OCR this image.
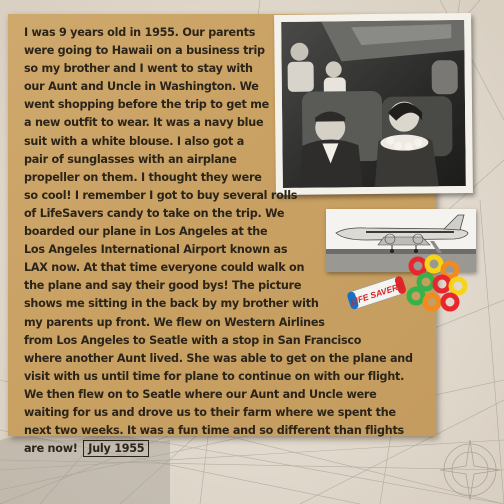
LIFE SAVERS
I was 9 years old in 1955. Our parents
were going to Hawaii on a business trip
so my brother and I went to stay with
our Aunt and Uncle in Washington. We
went shopping before the trip to get me
a new outfit to wear. It was a navy blue
suit with a white blouse. I also got a
pair of sunglasses with an airplane
propeller on them. I thought they were
so cool! I remember I got to buy several rolls
of LifeSavers candy to take on the trip. We
boarded our plane in Los Angeles at the
Los Angeles International Airport known as
LAX now. At that time everyone could walk on
the plane and say their good bys! The picture
shows me sitting in the back by my brother with
my parents up front. We flew on Western Airlines
from Los Angeles to Seatle with a stop in San Francisco
where another Aunt lived. She was able to get on the plane and
visit with us until time for plane to continue on with our flight.
We then flew on to Seatle where our Aunt and Uncle were
waiting for us and drove us to their farm where we spent the
next two weeks. It was a fun time and so different than flights
are now! July 1955
